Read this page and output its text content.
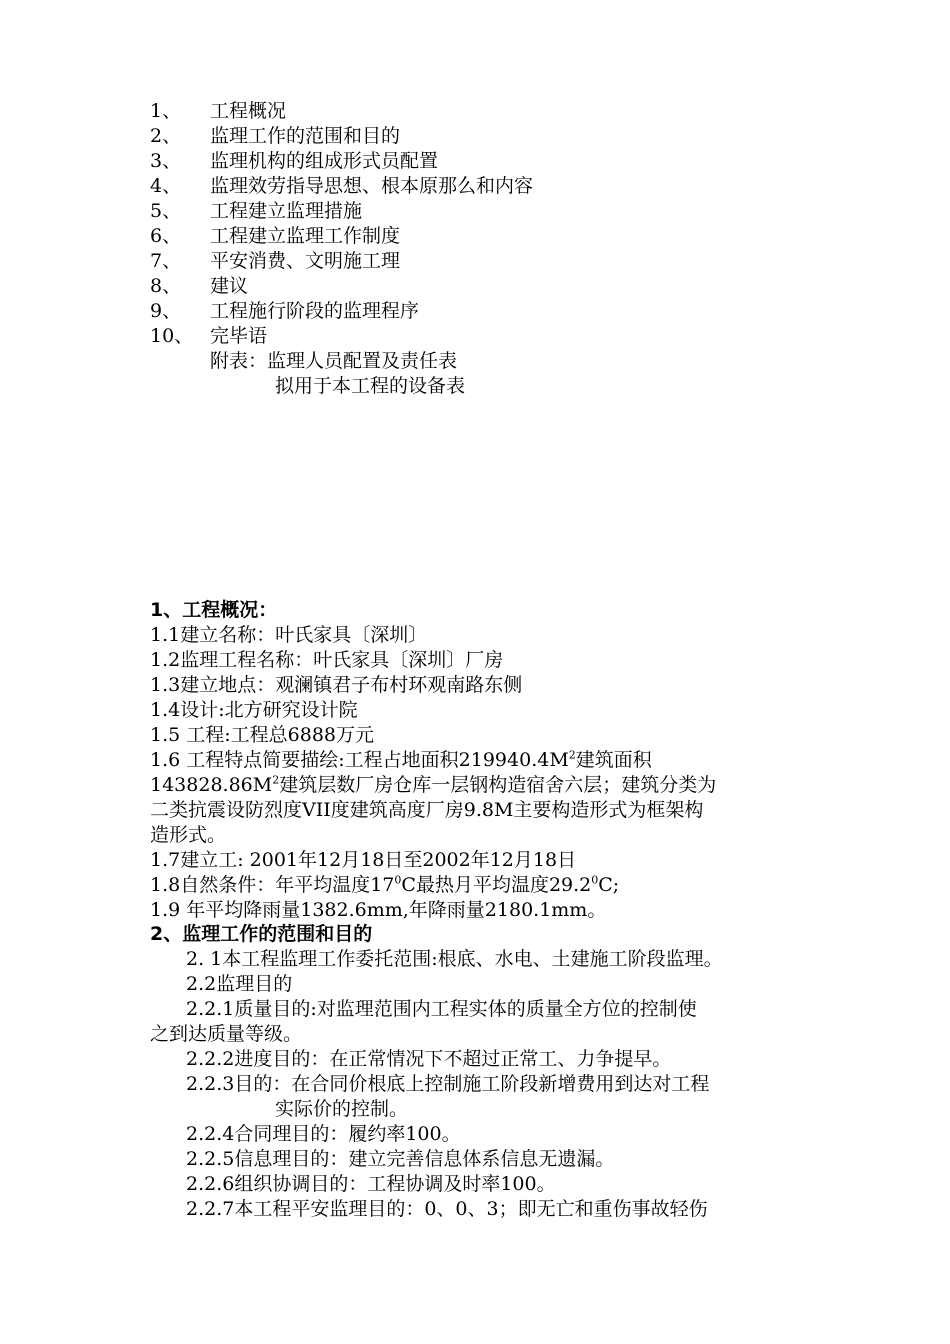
1、 工程概况
2、 监理工作的范围和目的
3、 监理机构的组成形式员配置
4、 监理效劳指导思想、根本原那么和内容
5、 工程建立监理措施
6、 工程建立监理工作制度
7、 平安消费、文明施工理
8、 建议
9、 工程施行阶段的监理程序
10、 完毕语
附表：监理人员配置及责任表
拟用于本工程的设备表
1、工程概况：
1.1建立名称：叶氏家具〔深圳〕
1.2监理工程名称：叶氏家具〔深圳〕厂房
1.3建立地点：观澜镇君子布村环观南路东侧
1.4设计:北方研究设计院
1.5 工程:工程总6888万元
1.6 工程特点简要描绘:工程占地面积$219940.4M^2$建筑面积
$143828.86M^2$建筑层数厂房仓库一层钢构造宿舍六层；建筑分类为
二类抗震设防烈度VII度建筑高度厂房9.8M主要构造形式为框架构
造形式。
1.7建立工: 2001年12月18日至2002年12月18日
1.8自然条件：年平均温度$17^0C$最热月平均温度29.2$^0$C;
1.9 年平均降雨量1382.6mm,年降雨量2180.1mm。
2、监理工作的范围和目的
2. 1本工程监理工作委托范围:根底、水电、土建施工阶段监理。
2.2监理目的
2.2.1质量目的:对监理范围内工程实体的质量全方位的控制使
之到达质量等级。
2.2.2进度目的：在正常情况下不超过正常工、力争提早。
2.2.3目的：在合同价根底上控制施工阶段新增费用到达对工程
实际价的控制。
2.2.4合同理目的：履约率100。
2.2.5信息理目的：建立完善信息体系信息无遗漏。
2.2.6组织协调目的：工程协调及时率100。
2.2.7本工程平安监理目的：0、0、3；即无亡和重伤事故轻伤
